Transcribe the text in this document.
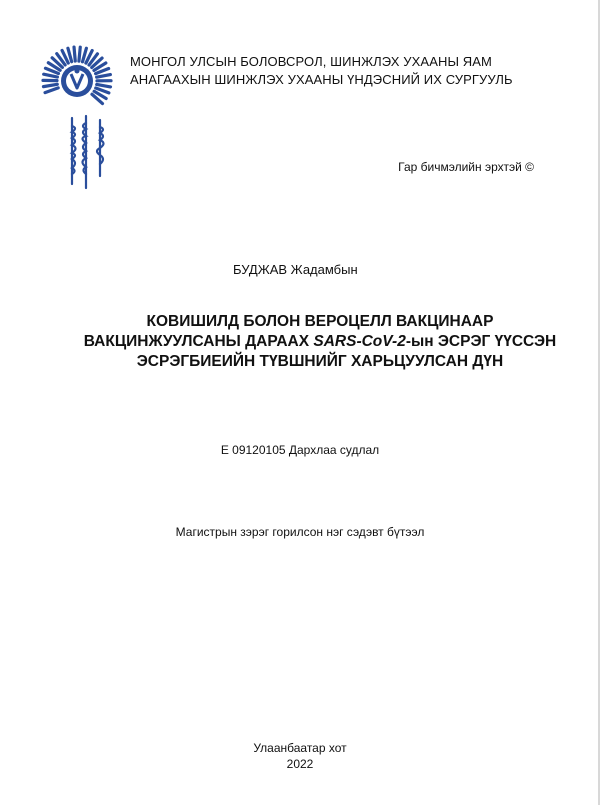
МОНГОЛ УЛСЫН БОЛОВСРОЛ, ШИНЖЛЭХ УХААНЫ ЯАМ
АНАГААХЫН ШИНЖЛЭХ УХААНЫ ҮНДЭСНИЙ ИХ СУРГУУЛЬ
Гар бичмэлийн эрхтэй ©
БУДЖАВ Жадамбын
КОВИШИЛД БОЛОН ВЕРОЦЕЛЛ ВАКЦИНААР
ВАКЦИНЖУУЛСАНЫ ДАРААХ SARS-CoV-2-ын ЭСРЭГ ҮҮССЭН
ЭСРЭГБИЕИЙН ТҮВШНИЙГ ХАРЬЦУУЛСАН ДҮН
E 09120105 Дархлаа судлал
Магистрын зэрэг горилсон нэг сэдэвт бүтээл
Улаанбаатар хот
2022
